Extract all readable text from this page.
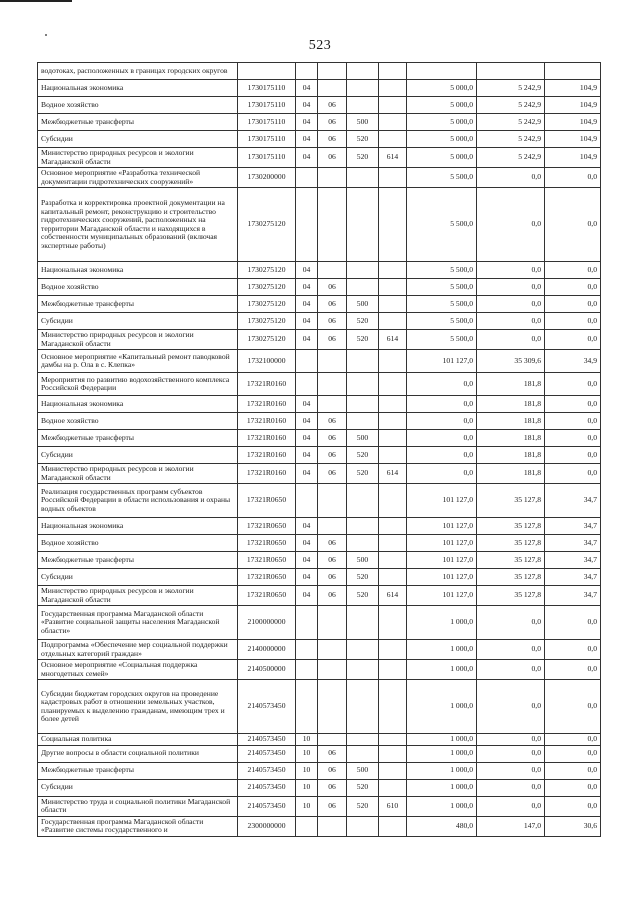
523
водотоках, расположенных в границах городских округов								
Национальная экономика	1730175110	04				5 000,0	5 242,9	104,9
Водное хозяйство	1730175110	04	06			5 000,0	5 242,9	104,9
Межбюджетные трансферты	1730175110	04	06	500		5 000,0	5 242,9	104,9
Субсидии	1730175110	04	06	520		5 000,0	5 242,9	104,9
Министерство природных ресурсов и экологии Магаданской области	1730175110	04	06	520	614	5 000,0	5 242,9	104,9
Основное мероприятие «Разработка технической документации гидротехнических сооружений»	1730200000					5 500,0	0,0	0,0
Разработка и корректировка проектной документации на капитальный ремонт, реконструкцию и строительство гидротехнических сооружений, расположенных на территории Магаданской области и находящихся в собственности муниципальных образований (включая экспертные работы)	1730275120					5 500,0	0,0	0,0
Национальная экономика	1730275120	04				5 500,0	0,0	0,0
Водное хозяйство	1730275120	04	06			5 500,0	0,0	0,0
Межбюджетные трансферты	1730275120	04	06	500		5 500,0	0,0	0,0
Субсидии	1730275120	04	06	520		5 500,0	0,0	0,0
Министерство природных ресурсов и экологии Магаданской области	1730275120	04	06	520	614	5 500,0	0,0	0,0
Основное мероприятие «Капитальный ремонт паводковой дамбы на р. Ола в с. Клепка»	1732100000					101 127,0	35 309,6	34,9
Мероприятия по развитию водохозяйственного комплекса Российской Федерации	17321R0160					0,0	181,8	0,0
Национальная экономика	17321R0160	04				0,0	181,8	0,0
Водное хозяйство	17321R0160	04	06			0,0	181,8	0,0
Межбюджетные трансферты	17321R0160	04	06	500		0,0	181,8	0,0
Субсидии	17321R0160	04	06	520		0,0	181,8	0,0
Министерство природных ресурсов и экологии Магаданской области	17321R0160	04	06	520	614	0,0	181,8	0,0
Реализация государственных программ субъектов Российской Федерации в области использования и охраны водных объектов	17321R0650					101 127,0	35 127,8	34,7
Национальная экономика	17321R0650	04				101 127,0	35 127,8	34,7
Водное хозяйство	17321R0650	04	06			101 127,0	35 127,8	34,7
Межбюджетные трансферты	17321R0650	04	06	500		101 127,0	35 127,8	34,7
Субсидии	17321R0650	04	06	520		101 127,0	35 127,8	34,7
Министерство природных ресурсов и экологии Магаданской области	17321R0650	04	06	520	614	101 127,0	35 127,8	34,7
Государственная программа Магаданской области «Развитие социальной защиты населения Магаданской области»	2100000000					1 000,0	0,0	0,0
Подпрограмма «Обеспечение мер социальной поддержки отдельных категорий граждан»	2140000000					1 000,0	0,0	0,0
Основное мероприятие «Социальная поддержка многодетных семей»	2140500000					1 000,0	0,0	0,0
Субсидии бюджетам городских округов на проведение кадастровых работ в отношении земельных участков, планируемых к выделению гражданам, имеющим трех и более детей	2140573450					1 000,0	0,0	0,0
Социальная политика	2140573450	10				1 000,0	0,0	0,0
Другие вопросы в области социальной политики	2140573450	10	06			1 000,0	0,0	0,0
Межбюджетные трансферты	2140573450	10	06	500		1 000,0	0,0	0,0
Субсидии	2140573450	10	06	520		1 000,0	0,0	0,0
Министерство труда и социальной политики Магаданской области	2140573450	10	06	520	610	1 000,0	0,0	0,0
Государственная программа Магаданской области «Развитие системы государственного и	2300000000					480,0	147,0	30,6
